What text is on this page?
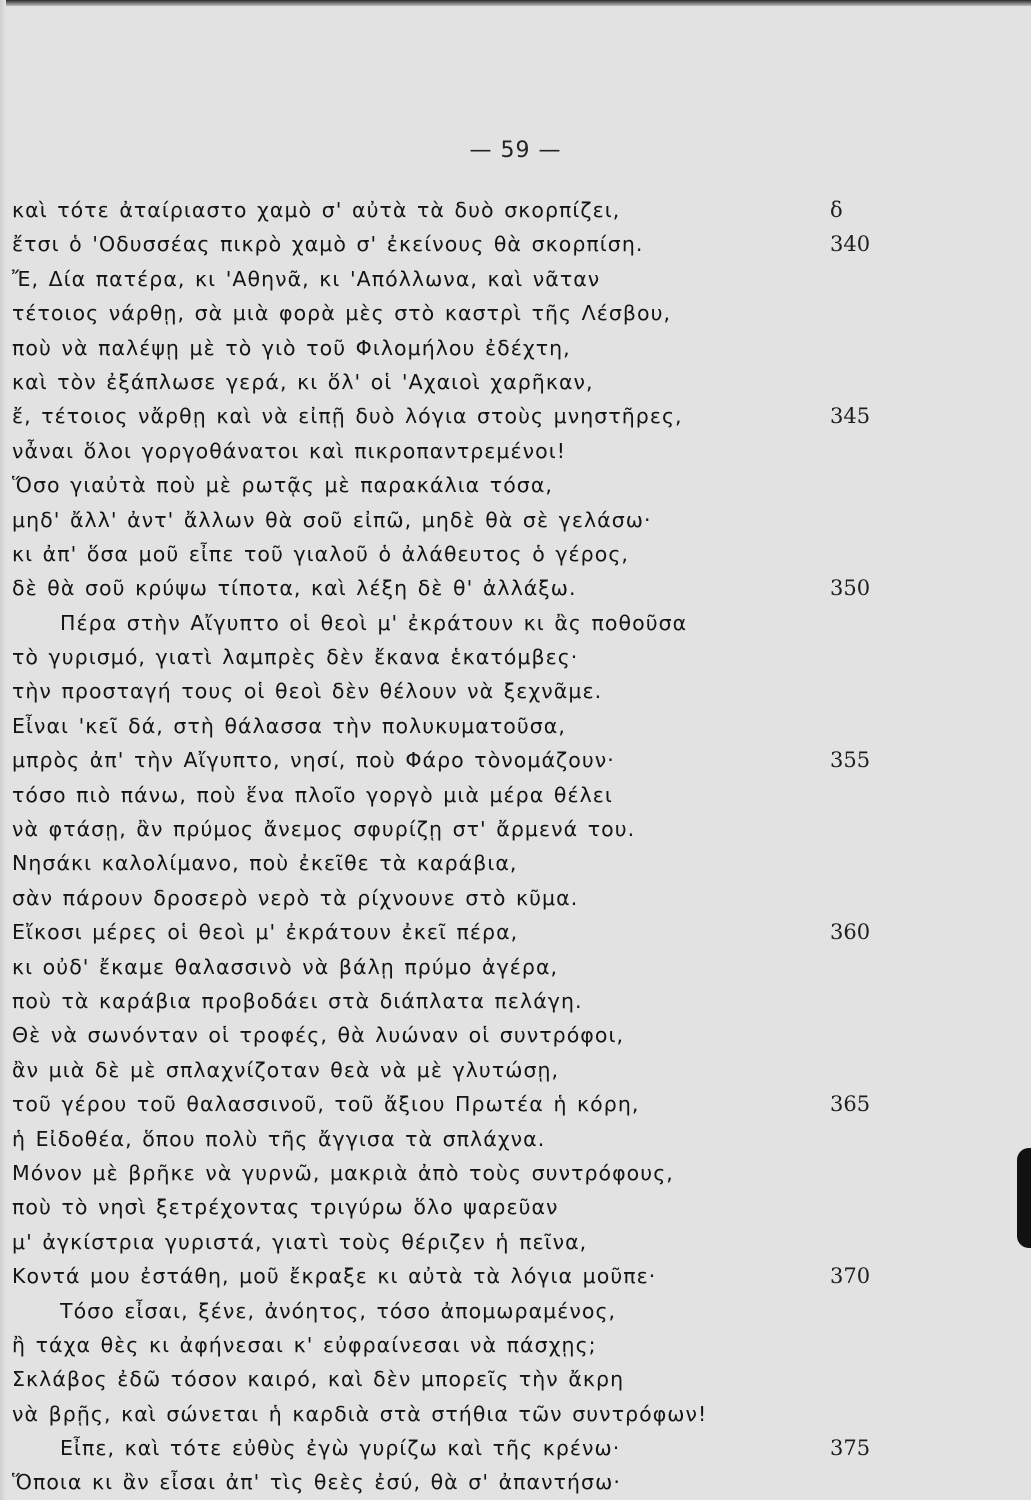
— 59 —
καὶ τότε ἀταίριαστο χαμὸ σ' αὐτὰ τὰ δυὸ σκορπίζει,	δ
ἔτσι ὁ 'Οδυσσέας πικρὸ χαμὸ σ' ἐκείνους θὰ σκορπίση.	340
Ἔ, Δία πατέρα, κι 'Αθηνᾶ, κι 'Απόλλωνα, καὶ νᾶταν
τέτοιος νάρθῃ, σὰ μιὰ φορὰ μὲς στὸ καστρὶ τῆς Λέσβου,
ποὺ νὰ παλέψῃ μὲ τὸ γιὸ τοῦ Φιλομήλου ἐδέχτη,
καὶ τὸν ἐξάπλωσε γερά, κι ὅλ' οἱ 'Αχαιοὶ χαρῆκαν,
ἔ, τέτοιος νἄρθῃ καὶ νὰ εἰπῇ δυὸ λόγια στοὺς μνηστῆρες,	345
νἆναι ὅλοι γοργοθάνατοι καὶ πικροπαντρεμένοι!
Ὅσο γιαὐτὰ ποὺ μὲ ρωτᾷς μὲ παρακάλια τόσα,
μηδ' ἄλλ' ἀντ' ἄλλων θὰ σοῦ εἰπῶ, μηδὲ θὰ σὲ γελάσω·
κι ἀπ' ὅσα μοῦ εἶπε τοῦ γιαλοῦ ὁ ἀλάθευτος ὁ γέρος,
δὲ θὰ σοῦ κρύψω τίποτα, καὶ λέξη δὲ θ' ἀλλάξω.	350
Πέρα στὴν Αἴγυπτο οἱ θεοὶ μ' ἐκράτουν κι ἂς ποθοῦσα
τὸ γυρισμό, γιατὶ λαμπρὲς δὲν ἔκανα ἑκατόμβες·
τὴν προσταγή τους οἱ θεοὶ δὲν θέλουν νὰ ξεχνᾶμε.
Εἶναι 'κεῖ δά, στὴ θάλασσα τὴν πολυκυματοῦσα,
μπρὸς ἀπ' τὴν Αἴγυπτο, νησί, ποὺ Φάρο τὸνομάζουν·	355
τόσο πιὸ πάνω, ποὺ ἕνα πλοῖο γοργὸ μιὰ μέρα θέλει
νὰ φτάσῃ, ἂν πρύμος ἄνεμος σφυρίζῃ στ' ἄρμενά του.
Νησάκι καλολίμανο, ποὺ ἐκεῖθε τὰ καράβια,
σὰν πάρουν δροσερὸ νερὸ τὰ ρίχνουνε στὸ κῦμα.
Εἴκοσι μέρες οἱ θεοὶ μ' ἐκράτουν ἐκεῖ πέρα,	360
κι οὐδ' ἔκαμε θαλασσινὸ νὰ βάλῃ πρύμο ἀγέρα,
ποὺ τὰ καράβια προβοδάει στὰ διάπλατα πελάγη.
Θὲ νὰ σωνόνταν οἱ τροφές, θὰ λυώναν οἱ συντρόφοι,
ἂν μιὰ δὲ μὲ σπλαχνίζοταν θεὰ νὰ μὲ γλυτώσῃ,
τοῦ γέρου τοῦ θαλασσινοῦ, τοῦ ἄξιου Πρωτέα ἡ κόρη,	365
ἡ Εἰδοθέα, ὅπου πολὺ τῆς ἄγγισα τὰ σπλάχνα.
Μόνον μὲ βρῆκε νὰ γυρνῶ, μακριὰ ἀπὸ τοὺς συντρόφους,
ποὺ τὸ νησὶ ξετρέχοντας τριγύρω ὅλο ψαρεῦαν
μ' ἀγκίστρια γυριστά, γιατὶ τοὺς θέριζεν ἡ πεῖνα,
Κοντά μου ἐστάθη, μοῦ ἔκραξε κι αὐτὰ τὰ λόγια μοῦπε·	370
Τόσο εἶσαι, ξένε, ἀνόητος, τόσο ἀπομωραμένος,
ἢ τάχα θὲς κι ἀφήνεσαι κ' εὐφραίνεσαι νὰ πάσχῃς;
Σκλάβος ἐδῶ τόσον καιρό, καὶ δὲν μπορεῖς τὴν ἄκρη
νὰ βρῇς, καὶ σώνεται ἡ καρδιὰ στὰ στήθια τῶν συντρόφων!
Εἶπε, καὶ τότε εὐθὺς ἐγὼ γυρίζω καὶ τῆς κρένω·	375
Ὅποια κι ἂν εἶσαι ἀπ' τὶς θεὲς ἐσύ, θὰ σ' ἀπαντήσω·
